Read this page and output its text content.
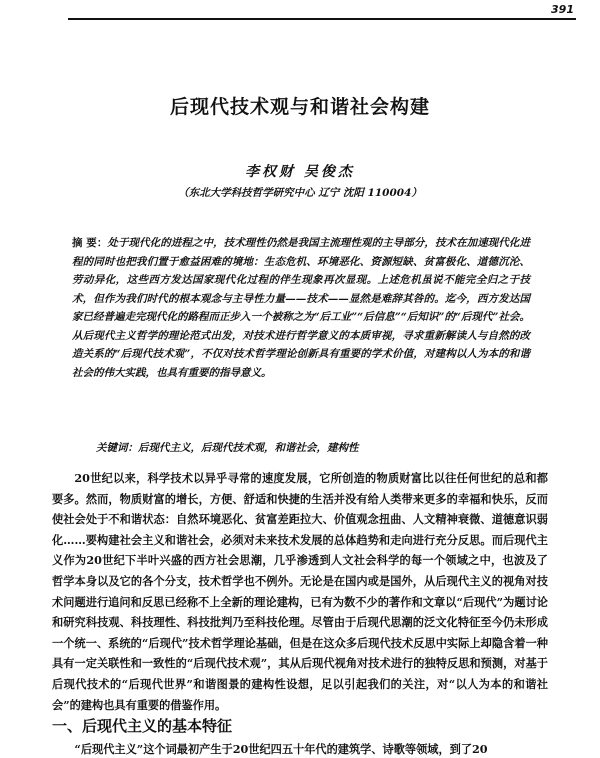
391
后现代技术观与和谐社会构建
李权财 吴俊杰
（东北大学科技哲学研究中心 辽宁 沈阳 110004）

摘 要：处于现代化的进程之中，技术理性仍然是我国主流理性观的主导部分，技术在加速现代化进程的同时也把我们置于愈益困难的境地：生态危机、环境恶化、资源短缺、贫富极化、道德沉沦、劳动异化，这些西方发达国家现代化过程的伴生现象再次显现。上述危机虽说不能完全归之于技术，但作为我们时代的根本观念与主导性力量——技术——显然是难辞其咎的。迄今，西方发达国家已经普遍走完现代化的路程而正步入一个被称之为“后工业”“后信息”“后知识”的“后现代”社会。从后现代主义哲学的理论范式出发，对技术进行哲学意义的本质审视，寻求重新解读人与自然的改造关系的“后现代技术观”，不仅对技术哲学理论创新具有重要的学术价值，对建构以人为本的和谐社会的伟大实践，也具有重要的指导意义。

关键词：后现代主义，后现代技术观，和谐社会，建构性

20世纪以来，科学技术以异乎寻常的速度发展，它所创造的物质财富比以往任何世纪的总和都要多。然而，物质财富的增长，方便、舒适和快捷的生活并没有给人类带来更多的幸福和快乐，反而使社会处于不和谐状态：自然环境恶化、贫富差距拉大、价值观念扭曲、人文精神衰微、道德意识弱化……要构建社会主义和谐社会，必须对未来技术发展的总体趋势和走向进行充分反思。而后现代主义作为20世纪下半叶兴盛的西方社会思潮，几乎渗透到人文社会科学的每一个领域之中，也波及了哲学本身以及它的各个分支，技术哲学也不例外。无论是在国内或是国外，从后现代主义的视角对技术问题进行追问和反思已经称不上全新的理论建构，已有为数不少的著作和文章以“后现代”为题讨论和研究科技观、科技理性、科技批判乃至科技伦理。尽管由于后现代思潮的泛文化特征至今仍未形成一个统一、系统的“后现代”技术哲学理论基础，但是在这众多后现代技术反思中实际上却隐含着一种具有一定关联性和一致性的“后现代技术观”，其从后现代视角对技术进行的独特反思和预测，对基于后现代技术的“后现代世界”和谐图景的建构性设想，足以引起我们的关注，对“以人为本的和谐社会”的建构也具有重要的借鉴作用。

一、后现代主义的基本特征

“后现代主义”这个词最初产生于20世纪四五十年代的建筑学、诗歌等领域，到了20
